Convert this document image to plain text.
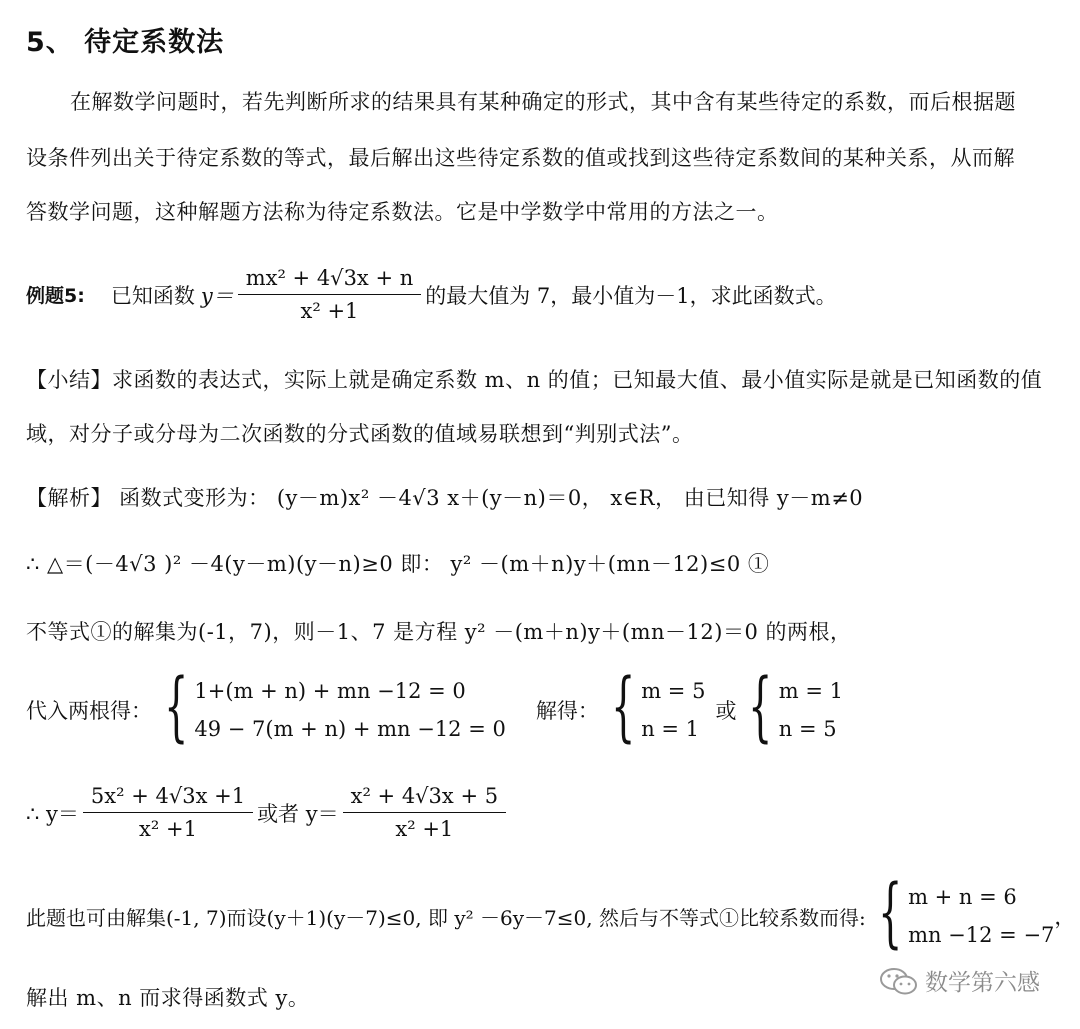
5、 待定系数法
在解数学问题时，若先判断所求的结果具有某种确定的形式，其中含有某些待定的系数，而后根据题
设条件列出关于待定系数的等式，最后解出这些待定系数的值或找到这些待定系数间的某种关系，从而解
答数学问题，这种解题方法称为待定系数法。它是中学数学中常用的方法之一。
例题5: 已知函数 $y= \frac{\text{mx² + 4√3x + n}}{\text{x² +1}}$ 的最大值为 7，最小值为－1，求此函数式。
【小结】求函数的表达式，实际上就是确定系数 m、n 的值；已知最大值、最小值实际是就是已知函数的值
域，对分子或分母为二次函数的分式函数的值域易联想到“判别式法”。
【解析】 函数式变形为： (y－m)x² －4√3 x＋(y－n)＝0， x∈R， 由已知得 y－m≠0
∴ △＝(－4√3 )² －4(y－m)(y－n)≥0 即： y² －(m＋n)y＋(mn－12)≤0 ①
不等式①的解集为(-1，7)，则－1、7 是方程 y² －(m＋n)y＋(mn－12)＝0 的两根，
代入两根得： { 1+(m + n) + mn −12 = 0
49 − 7(m + n) + mn −12 = 0
解得： { m = 5
n = 1
或 { m = 1
n = 5
∴ $y= \frac{\text{5x² + 4√3x +1}}{\text{x² +1}}$ 或者 $y= \frac{\text{x² + 4√3x + 5}}{\text{x² +1}}$
此题也可由解集(-1, 7)而设(y＋1)(y－7)≤0, 即 y² －6y－7≤0, 然后与不等式①比较系数而得: { m + n = 6
mn −12 = −7
，
解出 m、n 而求得函数式 y。
数学第六感
